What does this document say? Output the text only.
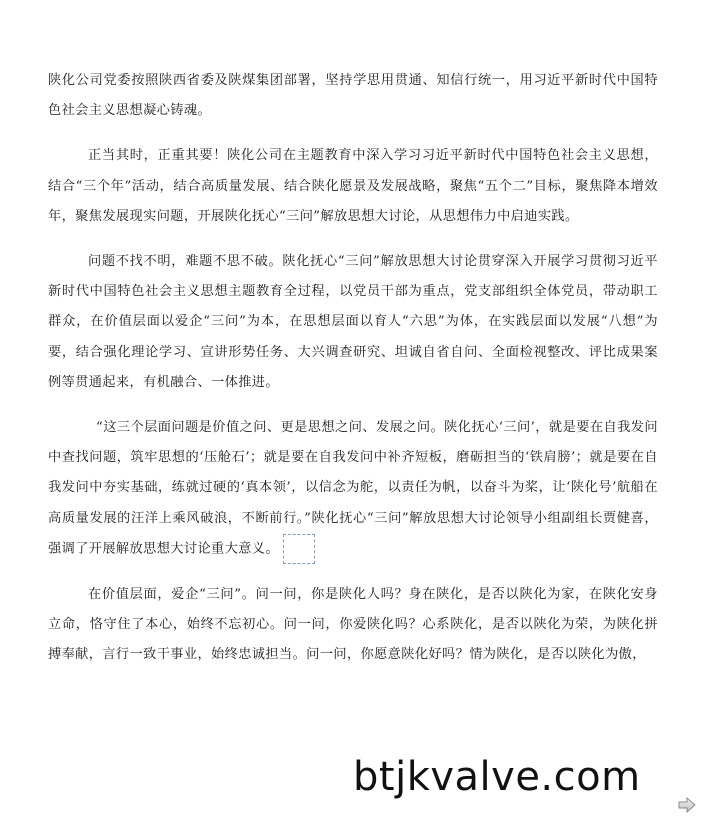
陕化公司党委按照陕西省委及陕煤集团部署，坚持学思用贯通、知信行统一，用习近平新时代中国特色社会主义思想凝心铸魂。

正当其时，正重其要！陕化公司在主题教育中深入学习习近平新时代中国特色社会主义思想，结合“三个年”活动，结合高质量发展、结合陕化愿景及发展战略，聚焦“五个二”目标，聚焦降本增效年，聚焦发展现实问题，开展陕化抚心“三问”解放思想大讨论，从思想伟力中启迪实践。

问题不找不明，难题不思不破。陕化抚心“三问”解放思想大讨论贯穿深入开展学习贯彻习近平新时代中国特色社会主义思想主题教育全过程，以党员干部为重点，党支部组织全体党员，带动职工群众，在价值层面以爱企“三问”为本，在思想层面以育人“六思”为体，在实践层面以发展“八想”为要，结合强化理论学习、宣讲形势任务、大兴调查研究、坦诚自省自问、全面检视整改、评比成果案例等贯通起来，有机融合、一体推进。

“这三个层面问题是价值之问、更是思想之问、发展之问。陕化抚心‘三问’，就是要在自我发问中查找问题，筑牢思想的‘压舱石’；就是要在自我发问中补齐短板，磨砺担当的‘铁肩膀’；就是要在自我发问中夯实基础，练就过硬的‘真本领’，以信念为舵，以责任为帆，以奋斗为桨，让‘陕化号’航船在高质量发展的汪洋上乘风破浪，不断前行。”陕化抚心“三问”解放思想大讨论领导小组副组长贾健喜，强调了开展解放思想大讨论重大意义。

在价值层面，爱企“三问”。问一问，你是陕化人吗？身在陕化，是否以陕化为家，在陕化安身立命，恪守住了本心，始终不忘初心。问一问，你爱陕化吗？心系陕化，是否以陕化为荣，为陕化拼搏奉献，言行一致干事业，始终忠诚担当。问一问，你愿意陕化好吗？情为陕化，是否以陕化为傲，

btjkvalve.com
